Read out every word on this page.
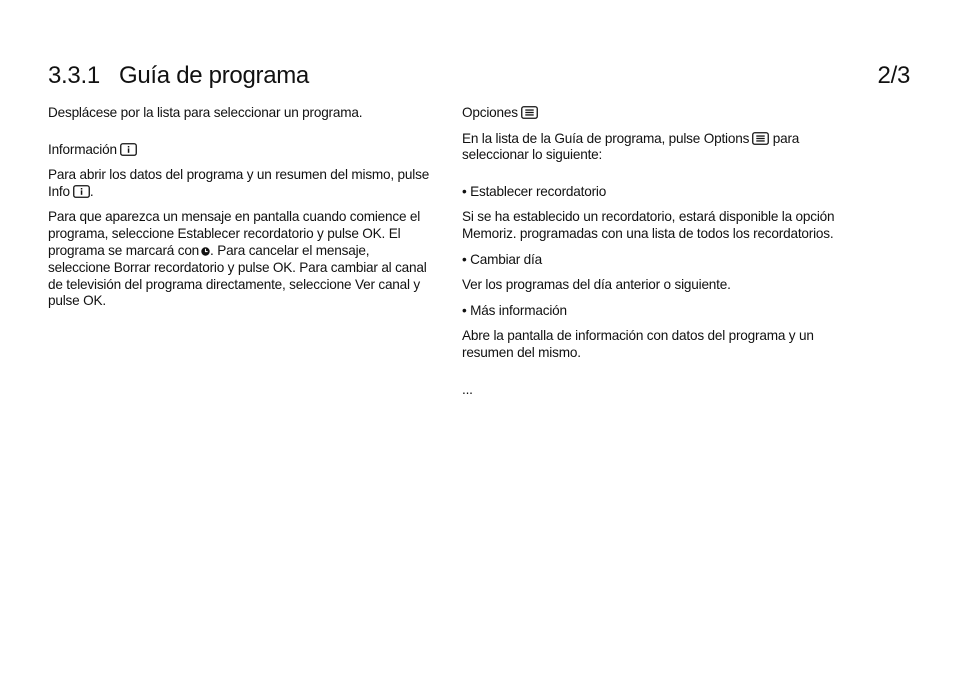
3.3.1 Guía de programa	2/3

Desplácese por la lista para seleccionar un programa.

Información

Para abrir los datos del programa y un resumen del mismo, pulse Info .

Para que aparezca un mensaje en pantalla cuando comience el programa, seleccione Establecer recordatorio y pulse OK. El programa se marcará con . Para cancelar el mensaje, seleccione Borrar recordatorio y pulse OK. Para cambiar al canal de televisión del programa directamente, seleccione Ver canal y pulse OK.

Opciones

En la lista de la Guía de programa, pulse Options para seleccionar lo siguiente:

• Establecer recordatorio

Si se ha establecido un recordatorio, estará disponible la opción Memoriz. programadas con una lista de todos los recordatorios.

• Cambiar día

Ver los programas del día anterior o siguiente.

• Más información

Abre la pantalla de información con datos del programa y un resumen del mismo.

...
